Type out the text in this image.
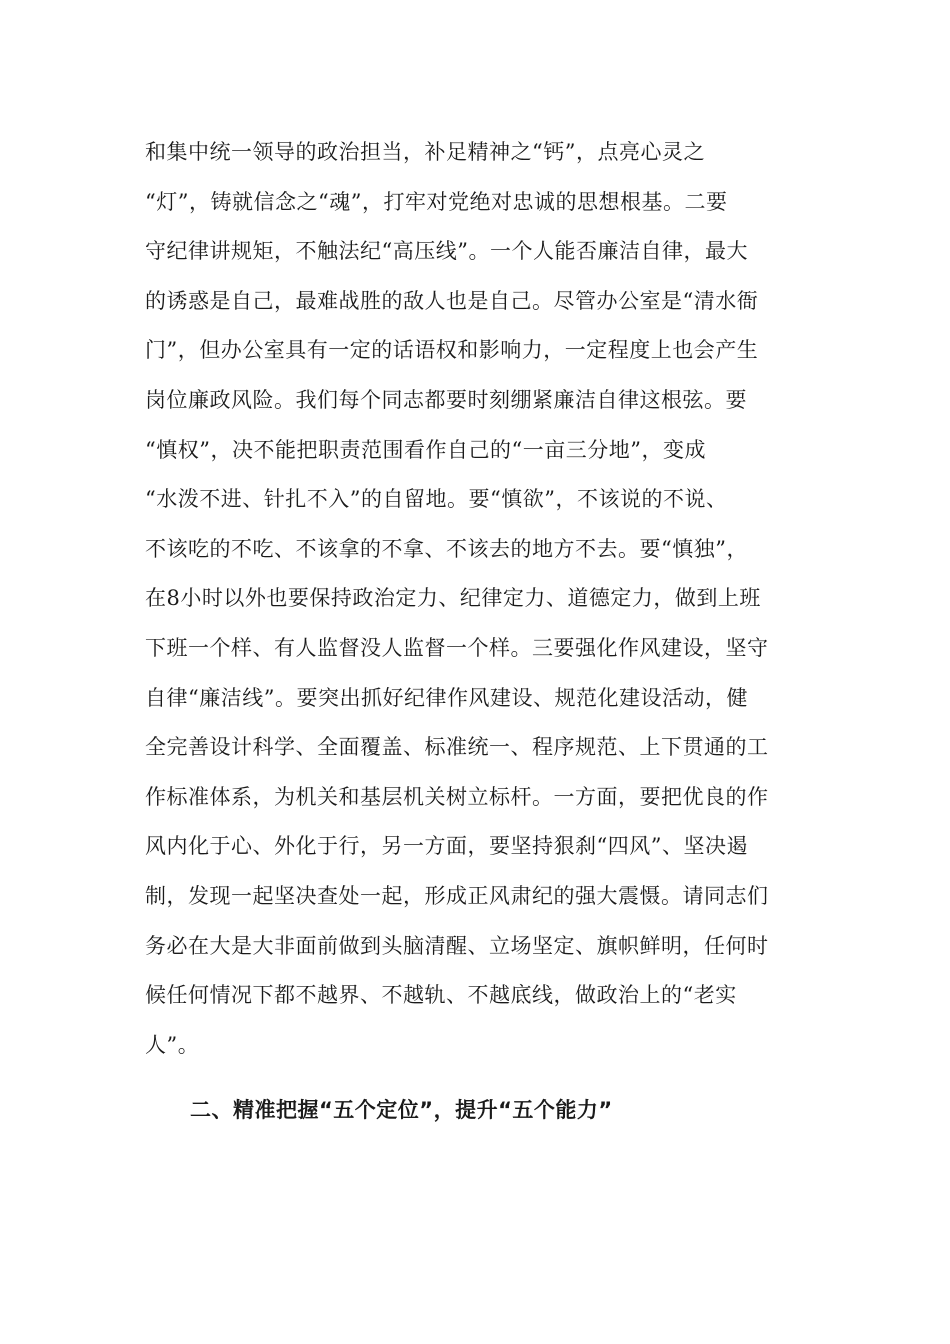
和集中统一领导的政治担当，补足精神之“钙”，点亮心灵之
“灯”，铸就信念之“魂”，打牢对党绝对忠诚的思想根基。二要
守纪律讲规矩，不触法纪“高压线”。一个人能否廉洁自律，最大
的诱惑是自己，最难战胜的敌人也是自己。尽管办公室是“清水衙
门”，但办公室具有一定的话语权和影响力，一定程度上也会产生
岗位廉政风险。我们每个同志都要时刻绷紧廉洁自律这根弦。要
“慎权”，决不能把职责范围看作自己的“一亩三分地”，变成
“水泼不进、针扎不入”的自留地。要“慎欲”，不该说的不说、
不该吃的不吃、不该拿的不拿、不该去的地方不去。要“慎独”，
在8小时以外也要保持政治定力、纪律定力、道德定力，做到上班
下班一个样、有人监督没人监督一个样。三要强化作风建设，坚守
自律“廉洁线”。要突出抓好纪律作风建设、规范化建设活动，健
全完善设计科学、全面覆盖、标准统一、程序规范、上下贯通的工
作标准体系，为机关和基层机关树立标杆。一方面，要把优良的作
风内化于心、外化于行，另一方面，要坚持狠刹“四风”、坚决遏
制，发现一起坚决查处一起，形成正风肃纪的强大震慑。请同志们
务必在大是大非面前做到头脑清醒、立场坚定、旗帜鲜明，任何时
候任何情况下都不越界、不越轨、不越底线，做政治上的“老实
人”。
二、精准把握“五个定位”，提升“五个能力”
